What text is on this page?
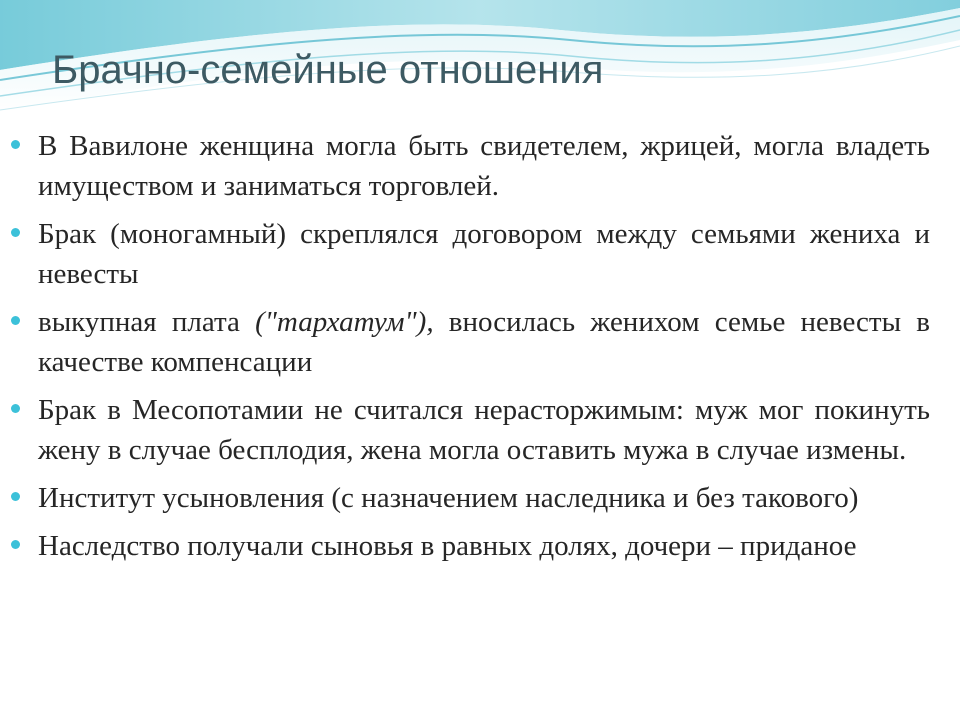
Брачно-семейные отношения
В Вавилоне женщина могла быть свидетелем, жрицей, могла владеть имуществом и заниматься торговлей.
Брак (моногамный) скреплялся договором между семьями жениха и невесты
выкупная плата ("тархатум"), вносилась женихом семье невесты в качестве компенсации
Брак в Месопотамии не считался нерасторжимым: муж мог покинуть жену в случае бесплодия, жена могла оставить мужа в случае измены.
Институт усыновления (с назначением наследника и без такового)
Наследство получали сыновья в равных долях, дочери – приданое
